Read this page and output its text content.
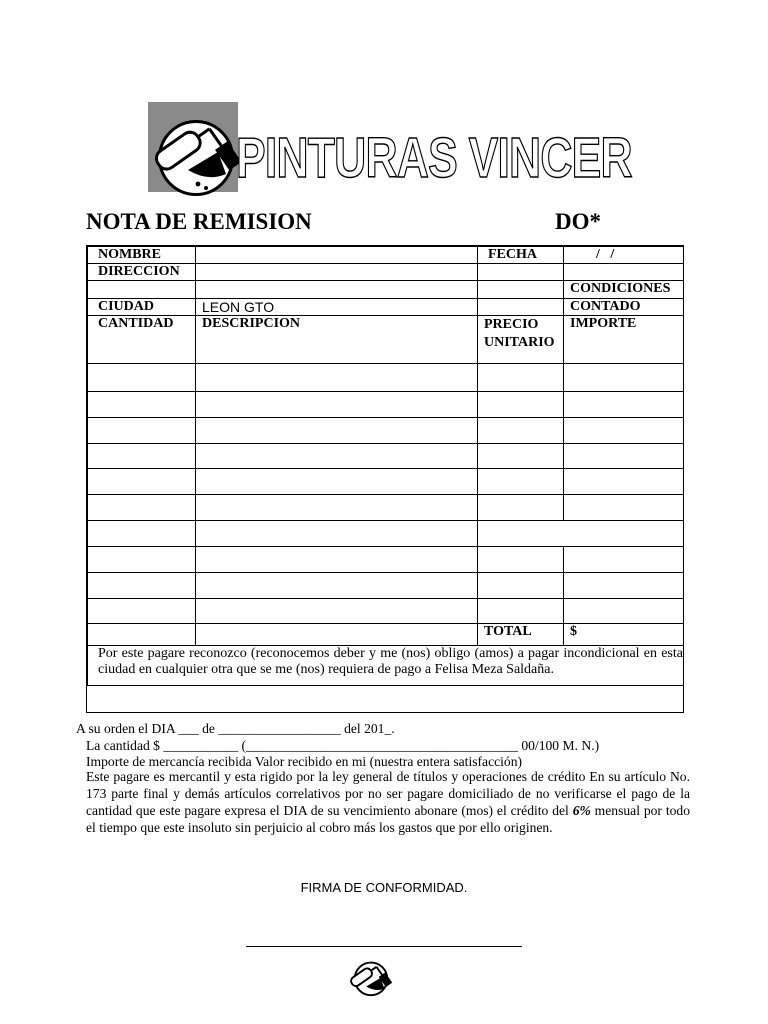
PINTURAS VINCER
NOTA DE REMISION	DO*
NOMBRE		FECHA	/   /
DIRECCION			
			CONDICIONES
CIUDAD	LEON GTO		CONTADO
CANTIDAD	DESCRIPCION	PRECIO UNITARIO	IMPORTE

		TOTAL	$
Por este pagare reconozco (reconocemos deber y me (nos) obligo (amos) a pagar incondicional en esta ciudad en cualquier otra que se me (nos) requiera de pago a Felisa Meza Saldaña.			
A su orden el DIA ___ de __________________ del 201_.
La cantidad $ ___________ (________________________________________ 00/100 M. N.)
Importe de mercancía recibida Valor recibido en mi (nuestra entera satisfacción)
Este pagare es mercantil y esta rigido por la ley general de títulos y operaciones de crédito En su artículo No. 173 parte final y demás artículos correlativos por no ser pagare domiciliado de no verificarse el pago de la cantidad que este pagare expresa el DIA de su vencimiento abonare (mos) el crédito del 6% mensual por todo el tiempo que este insoluto sin perjuicio al cobro más los gastos que por ello originen.
FIRMA DE CONFORMIDAD.
